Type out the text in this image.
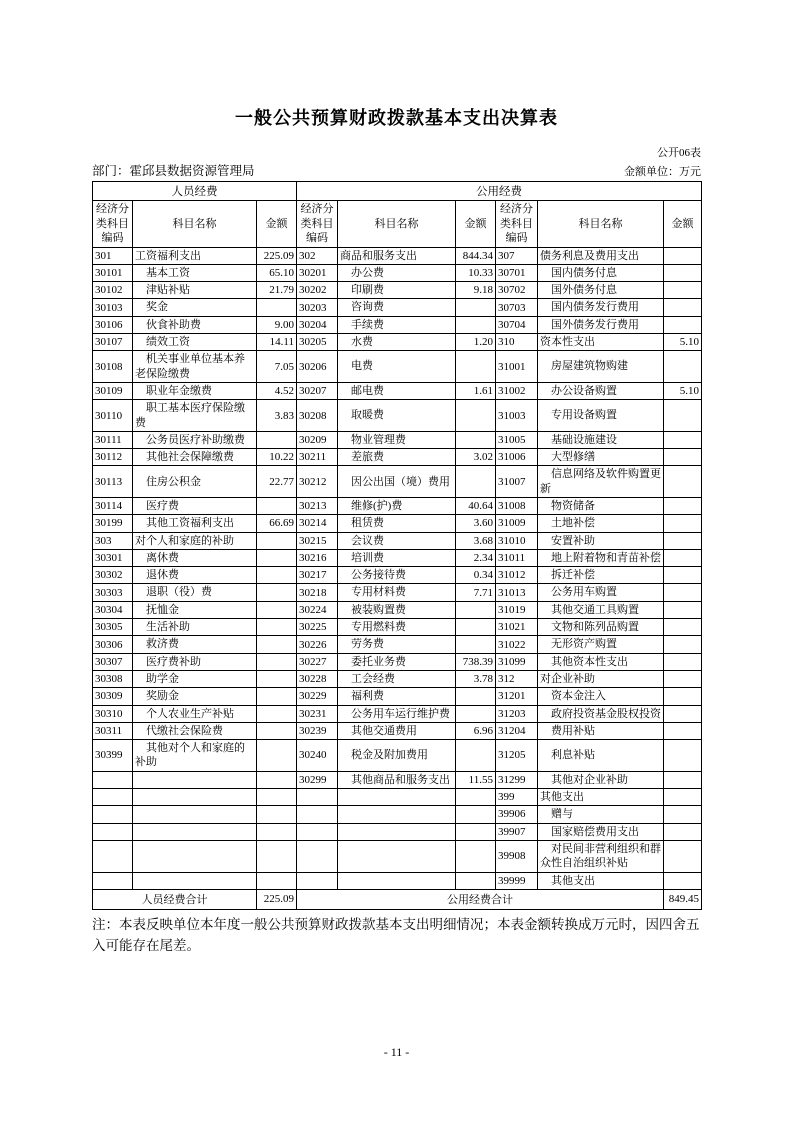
一般公共预算财政拨款基本支出决算表
公开06表
部门：霍邱县数据资源管理局	金额单位：万元
人员经费			公用经费					
经济分类科目编码	科目名称	金额	经济分类科目编码	科目名称	金额	经济分类科目编码	科目名称	金额
301	工资福利支出	225.09	302	商品和服务支出	844.34	307	债务利息及费用支出	
30101	基本工资	65.10	30201	办公费	10.33	30701	国内债务付息	
30102	津贴补贴	21.79	30202	印刷费	9.18	30702	国外债务付息	
30103	奖金		30203	咨询费		30703	国内债务发行费用	
30106	伙食补助费	9.00	30204	手续费		30704	国外债务发行费用	
30107	绩效工资	14.11	30205	水费	1.20	310	资本性支出	5.10
30108	机关事业单位基本养老保险缴费	7.05	30206	电费		31001	房屋建筑物购建	
30109	职业年金缴费	4.52	30207	邮电费	1.61	31002	办公设备购置	5.10
30110	职工基本医疗保险缴费	3.83	30208	取暖费		31003	专用设备购置	
30111	公务员医疗补助缴费		30209	物业管理费		31005	基础设施建设	
30112	其他社会保障缴费	10.22	30211	差旅费	3.02	31006	大型修缮	
30113	住房公积金	22.77	30212	因公出国（境）费用		31007	信息网络及软件购置更新	
30114	医疗费		30213	维修(护)费	40.64	31008	物资储备	
30199	其他工资福利支出	66.69	30214	租赁费	3.60	31009	土地补偿	
303	对个人和家庭的补助		30215	会议费	3.68	31010	安置补助	
30301	离休费		30216	培训费	2.34	31011	地上附着物和青苗补偿	
30302	退休费		30217	公务接待费	0.34	31012	拆迁补偿	
30303	退职（役）费		30218	专用材料费	7.71	31013	公务用车购置	
30304	抚恤金		30224	被装购置费		31019	其他交通工具购置	
30305	生活补助		30225	专用燃料费		31021	文物和陈列品购置	
30306	救济费		30226	劳务费		31022	无形资产购置	
30307	医疗费补助		30227	委托业务费	738.39	31099	其他资本性支出	
30308	助学金		30228	工会经费	3.78	312	对企业补助	
30309	奖励金		30229	福利费		31201	资本金注入	
30310	个人农业生产补贴		30231	公务用车运行维护费		31203	政府投资基金股权投资	
30311	代缴社会保险费		30239	其他交通费用	6.96	31204	费用补贴	
30399	其他对个人和家庭的补助		30240	税金及附加费用		31205	利息补贴	
			30299	其他商品和服务支出	11.55	31299	其他对企业补助	
						399	其他支出	
						39906	赠与	
						39907	国家赔偿费用支出	
						39908	对民间非营利组织和群众性自治组织补贴	
						39999	其他支出	
人员经费合计		225.09	公用经费合计					849.45
注：本表反映单位本年度一般公共预算财政拨款基本支出明细情况；本表金额转换成万元时，因四舍五入可能存在尾差。
- 11 -
